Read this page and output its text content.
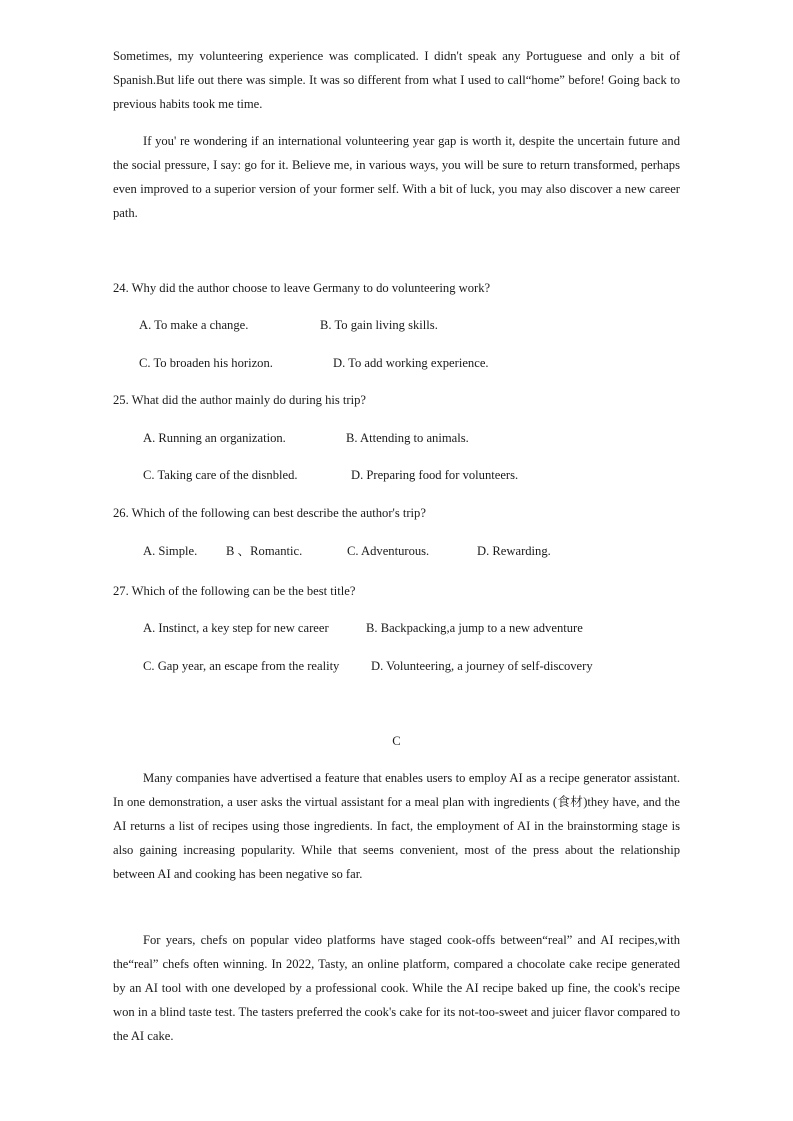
Sometimes, my volunteering experience was complicated. I didn't speak any Portuguese and only a bit of Spanish.But life out there was simple. It was so different from what I used to call“home” before! Going back to previous habits took me time.

If you' re wondering if an international volunteering year gap is worth it, despite the uncertain future and the social pressure, I say: go for it. Believe me, in various ways, you will be sure to return transformed, perhaps even improved to a superior version of your former self. With a bit of luck, you may also discover a new career path.

24. Why did the author choose to leave Germany to do volunteering work?

A. To make a change.	B. To gain living skills.

C. To broaden his horizon.	D. To add working experience.

25. What did the author mainly do during his trip?

A. Running an organization.	B. Attending to animals.

C. Taking care of the disnbled.	D. Preparing food for volunteers.

26. Which of the following can best describe the author's trip?

A. Simple. B 、Romantic.	C. Adventurous.	D. Rewarding.

27. Which of the following can be the best title?

A. Instinct, a key step for new career	B. Backpacking,a jump to a new adventure

C. Gap year, an escape from the reality	D. Volunteering, a journey of self-discovery

C

Many companies have advertised a feature that enables users to employ AI as a recipe generator assistant. In one demonstration, a user asks the virtual assistant for a meal plan with ingredients (食材)they have, and the AI returns a list of recipes using those ingredients. In fact, the employment of AI in the brainstorming stage is also gaining increasing popularity. While that seems convenient, most of the press about the relationship between AI and cooking has been negative so far.

For years, chefs on popular video platforms have staged cook-offs between“real” and AI recipes,with the“real” chefs often winning. In 2022, Tasty, an online platform, compared a chocolate cake recipe generated by an AI tool with one developed by a professional cook. While the AI recipe baked up fine, the cook's recipe won in a blind taste test. The tasters preferred the cook's cake for its not-too-sweet and juicer flavor compared to the AI cake.
